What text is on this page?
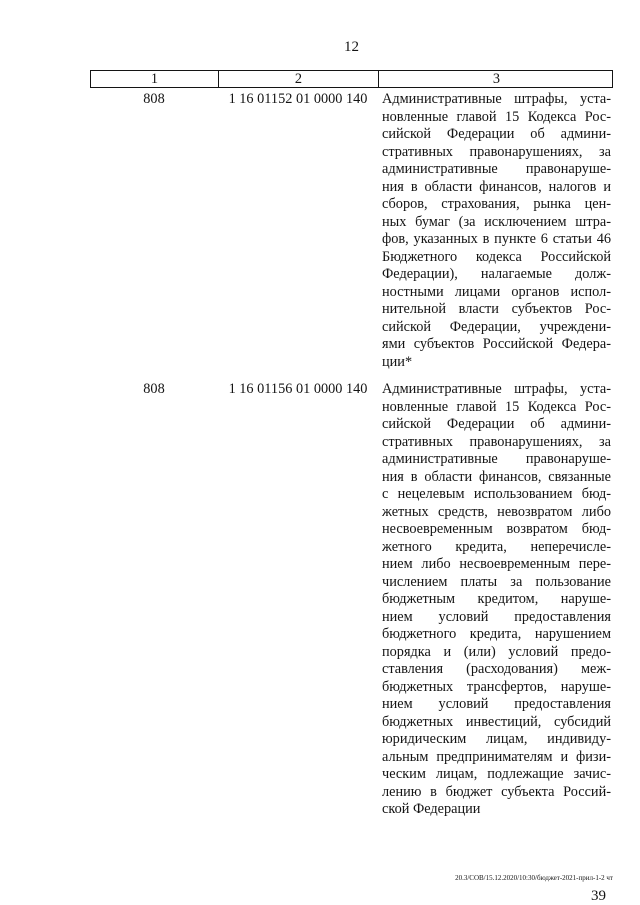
12
1	2	3
808	1 16 01152 01 0000 140	Административные штрафы, уста-
новленные главой 15 Кодекса Рос-
сийской Федерации об админи-
стративных правонарушениях, за
административные правонаруше-
ния в области финансов, налогов и
сборов, страхования, рынка цен-
ных бумаг (за исключением штра-
фов, указанных в пункте 6 статьи 46
Бюджетного кодекса Российской
Федерации), налагаемые долж-
ностными лицами органов испол-
нительной власти субъектов Рос-
сийской Федерации, учреждени-
ями субъектов Российской Федера-
ции*
808	1 16 01156 01 0000 140	Административные штрафы, уста-
новленные главой 15 Кодекса Рос-
сийской Федерации об админи-
стративных правонарушениях, за
административные правонаруше-
ния в области финансов, связанные
с нецелевым использованием бюд-
жетных средств, невозвратом либо
несвоевременным возвратом бюд-
жетного кредита, неперечисле-
нием либо несвоевременным пере-
числением платы за пользование
бюджетным кредитом, наруше-
нием условий предоставления
бюджетного кредита, нарушением
порядка и (или) условий предо-
ставления (расходования) меж-
бюджетных трансфертов, наруше-
нием условий предоставления
бюджетных инвестиций, субсидий
юридическим лицам, индивиду-
альным предпринимателям и физи-
ческим лицам, подлежащие зачис-
лению в бюджет субъекта Россий-
ской Федерации
20.3/СОВ/15.12.2020/10:30/бюджет-2021-прил-1-2 чт
39
